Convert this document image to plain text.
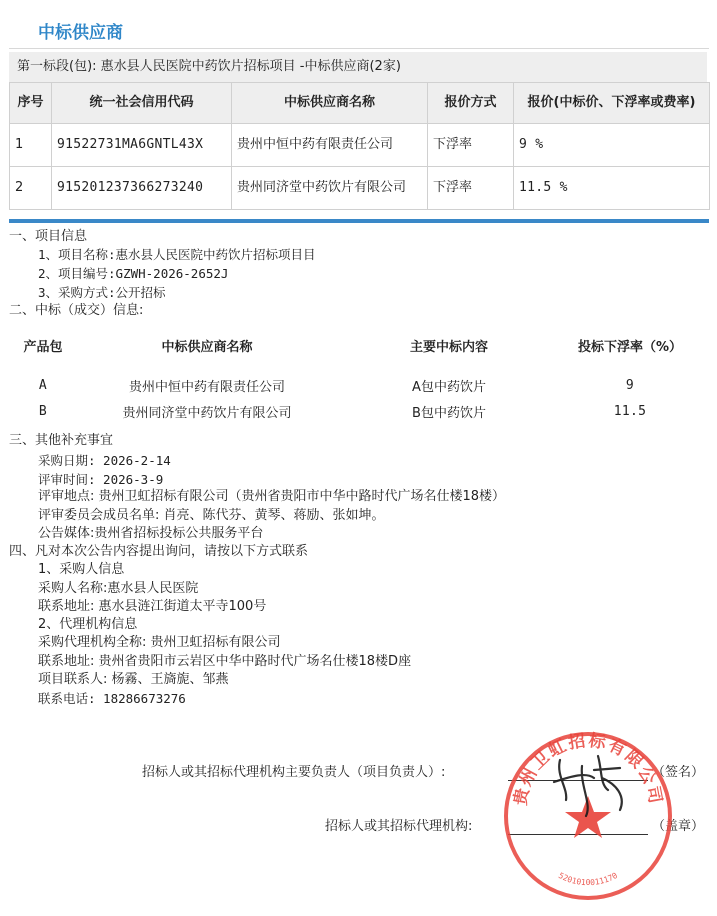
中标供应商
第一标段(包): 惠水县人民医院中药饮片招标项目 -中标供应商(2家)
序号	统一社会信用代码	中标供应商名称	报价方式	报价(中标价、下浮率或费率)
1	91522731MA6GNTL43X	贵州中恒中药有限责任公司	下浮率	9 %
2	915201237366273240	贵州同济堂中药饮片有限公司	下浮率	11.5 %
一、项目信息
1、项目名称:惠水县人民医院中药饮片招标项目目
2、项目编号:GZWH-2026-2652J
3、采购方式:公开招标
二、中标（成交）信息:
产品包	中标供应商名称	主要中标内容	投标下浮率（%）

A	贵州中恒中药有限责任公司	A包中药饮片	9
B	贵州同济堂中药饮片有限公司	B包中药饮片	11.5
三、其他补充事宜
采购日期: 2026-2-14
评审时间: 2026-3-9
评审地点: 贵州卫虹招标有限公司（贵州省贵阳市中华中路时代广场名仕楼18楼）
评审委员会成员名单: 肖亮、陈代芬、黄琴、蒋励、张如坤。
公告媒体:贵州省招标投标公共服务平台
四、凡对本次公告内容提出询问，请按以下方式联系
1、采购人信息
采购人名称:惠水县人民医院
联系地址: 惠水县涟江街道太平寺100号
2、代理机构信息
采购代理机构全称: 贵州卫虹招标有限公司
联系地址: 贵州省贵阳市云岩区中华中路时代广场名仕楼18楼D座
项目联系人: 杨霧、王旖旎、邹燕
联系电话: 18286673276
招标人或其招标代理机构主要负责人（项目负责人）:	（签名）
招标人或其招标代理机构:	（盖章）
贵州卫虹招标有限公司
5201010011170
